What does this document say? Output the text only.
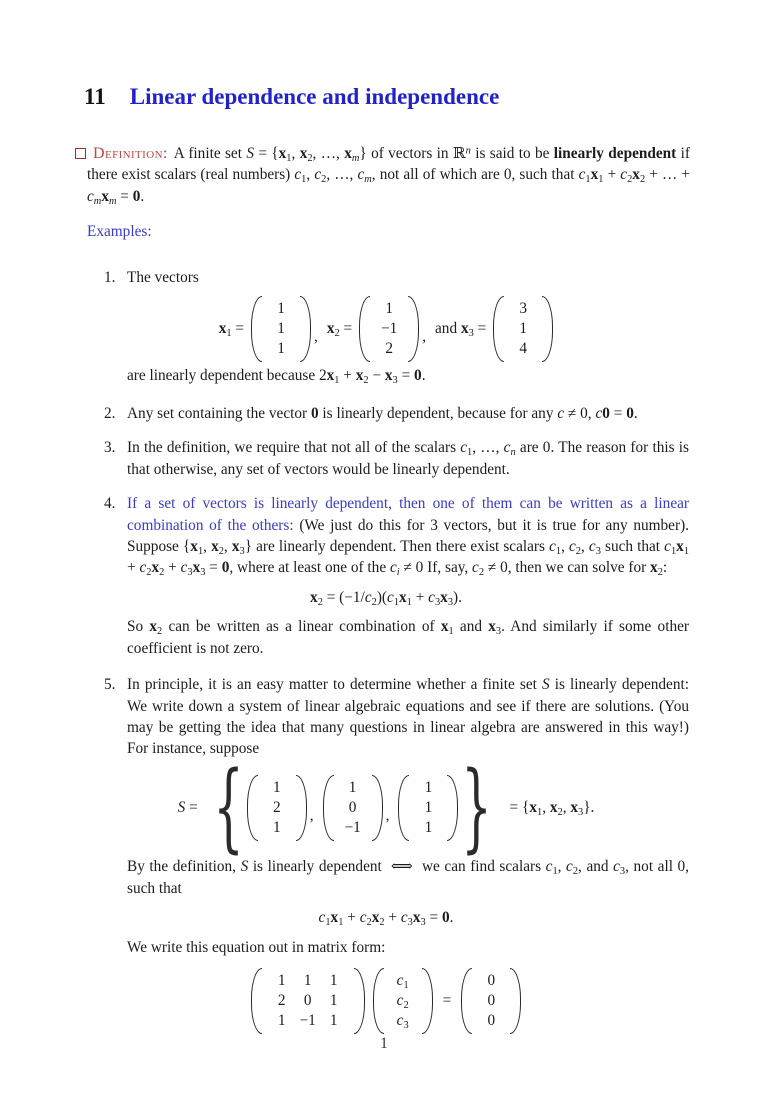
11 Linear dependence and independence

Definition: A finite set $S = \{x_1$, $x_2$, …, $x_m$} of vectors in ℝ$^n$ is said to be linearly dependent if there exist scalars (real numbers) $c_1$, $c_2$, …, $c_m$, not all of which are 0, such that $c_1x_1 + c_2x_2$ + … + $c_mx_m = 0$.

Examples:

1. The vectors
$x_1$ =
1
1
1
, $x_2$ =
1
−1
2
, and $x_3$ =
3
1
4
are linearly dependent because $2x_1 + x_2 - x_3 = 0$.
2. Any set containing the vector 0 is linearly dependent, because for any c ≠ 0, c0 = 0.
3. In the definition, we require that not all of the scalars $c_1$, …, $c_n$ are 0. The reason for this is that otherwise, any set of vectors would be linearly dependent.
4. If a set of vectors is linearly dependent, then one of them can be written as a linear combination of the others: (We just do this for 3 vectors, but it is true for any number). Suppose {$x_1$, $x_2$, $x_3$} are linearly dependent. Then there exist scalars $c_1$, $c_2$, $c_3$ such that $c_1x_1 + c_2x_2 + c_3x_3 = 0$, where at least one of the $c_i \ne 0$ If, say, $c_2 \ne 0$, then we can solve for $x_2$:
$x_2 = (-1/c_2)(c_1x_1 + c_3x_3)$.
So $x_2$ can be written as a linear combination of $x_1$ and $x_3$. And similarly if some other coefficient is not zero.
5. In principle, it is an easy matter to determine whether a finite set S is linearly dependent: We write down a system of linear algebraic equations and see if there are solutions. (You may be getting the idea that many questions in linear algebra are answered in this way!) For instance, suppose
S = { 1
2
1
,
1
0
−1
,
1
1
1 } = {$x_1$, $x_2$, $x_3$}.
By the definition, S is linearly dependent  ⟺  we can find scalars $c_1$, $c_2$, and $c_3$, not all 0, such that
$c_1x_1 + c_2x_2 + c_3x_3 = 0$.
We write this equation out in matrix form:
1 1 1
2 0 1
1 −1 1
$c_1$
$c_2$
$c_3$
=
0
0
0
1
